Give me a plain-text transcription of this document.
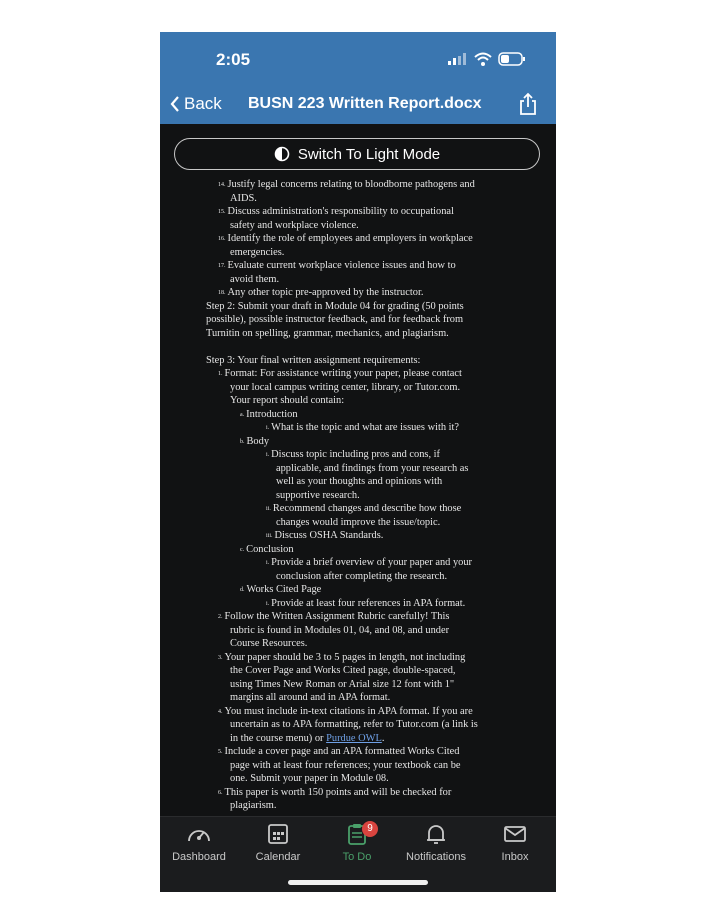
2:05
Back BUSN 223 Written Report.docx
Switch To Light Mode
14. Justify legal concerns relating to bloodborne pathogens and
AIDS.
15. Discuss administration's responsibility to occupational
safety and workplace violence.
16. Identify the role of employees and employers in workplace
emergencies.
17. Evaluate current workplace violence issues and how to
avoid them.
18. Any other topic pre-approved by the instructor.
Step 2: Submit your draft in Module 04 for grading (50 points
possible), possible instructor feedback, and for feedback from
Turnitin on spelling, grammar, mechanics, and plagiarism.
Step 3: Your final written assignment requirements:
1. Format: For assistance writing your paper, please contact
your local campus writing center, library, or Tutor.com.
Your report should contain:
a. Introduction
i. What is the topic and what are issues with it?
b. Body
i. Discuss topic including pros and cons, if
applicable, and findings from your research as
well as your thoughts and opinions with
supportive research.
ii. Recommend changes and describe how those
changes would improve the issue/topic.
iii. Discuss OSHA Standards.
c. Conclusion
i. Provide a brief overview of your paper and your
conclusion after completing the research.
d. Works Cited Page
i. Provide at least four references in APA format.
2. Follow the Written Assignment Rubric carefully! This
rubric is found in Modules 01, 04, and 08, and under
Course Resources.
3. Your paper should be 3 to 5 pages in length, not including
the Cover Page and Works Cited page, double-spaced,
using Times New Roman or Arial size 12 font with 1"
margins all around and in APA format.
4. You must include in-text citations in APA format. If you are
uncertain as to APA formatting, refer to Tutor.com (a link is
in the course menu) or Purdue OWL.
5. Include a cover page and an APA formatted Works Cited
page with at least four references; your textbook can be
one. Submit your paper in Module 08.
6. This paper is worth 150 points and will be checked for
plagiarism.
Dashboard	Calendar
9
To Do	Notifications	Inbox
